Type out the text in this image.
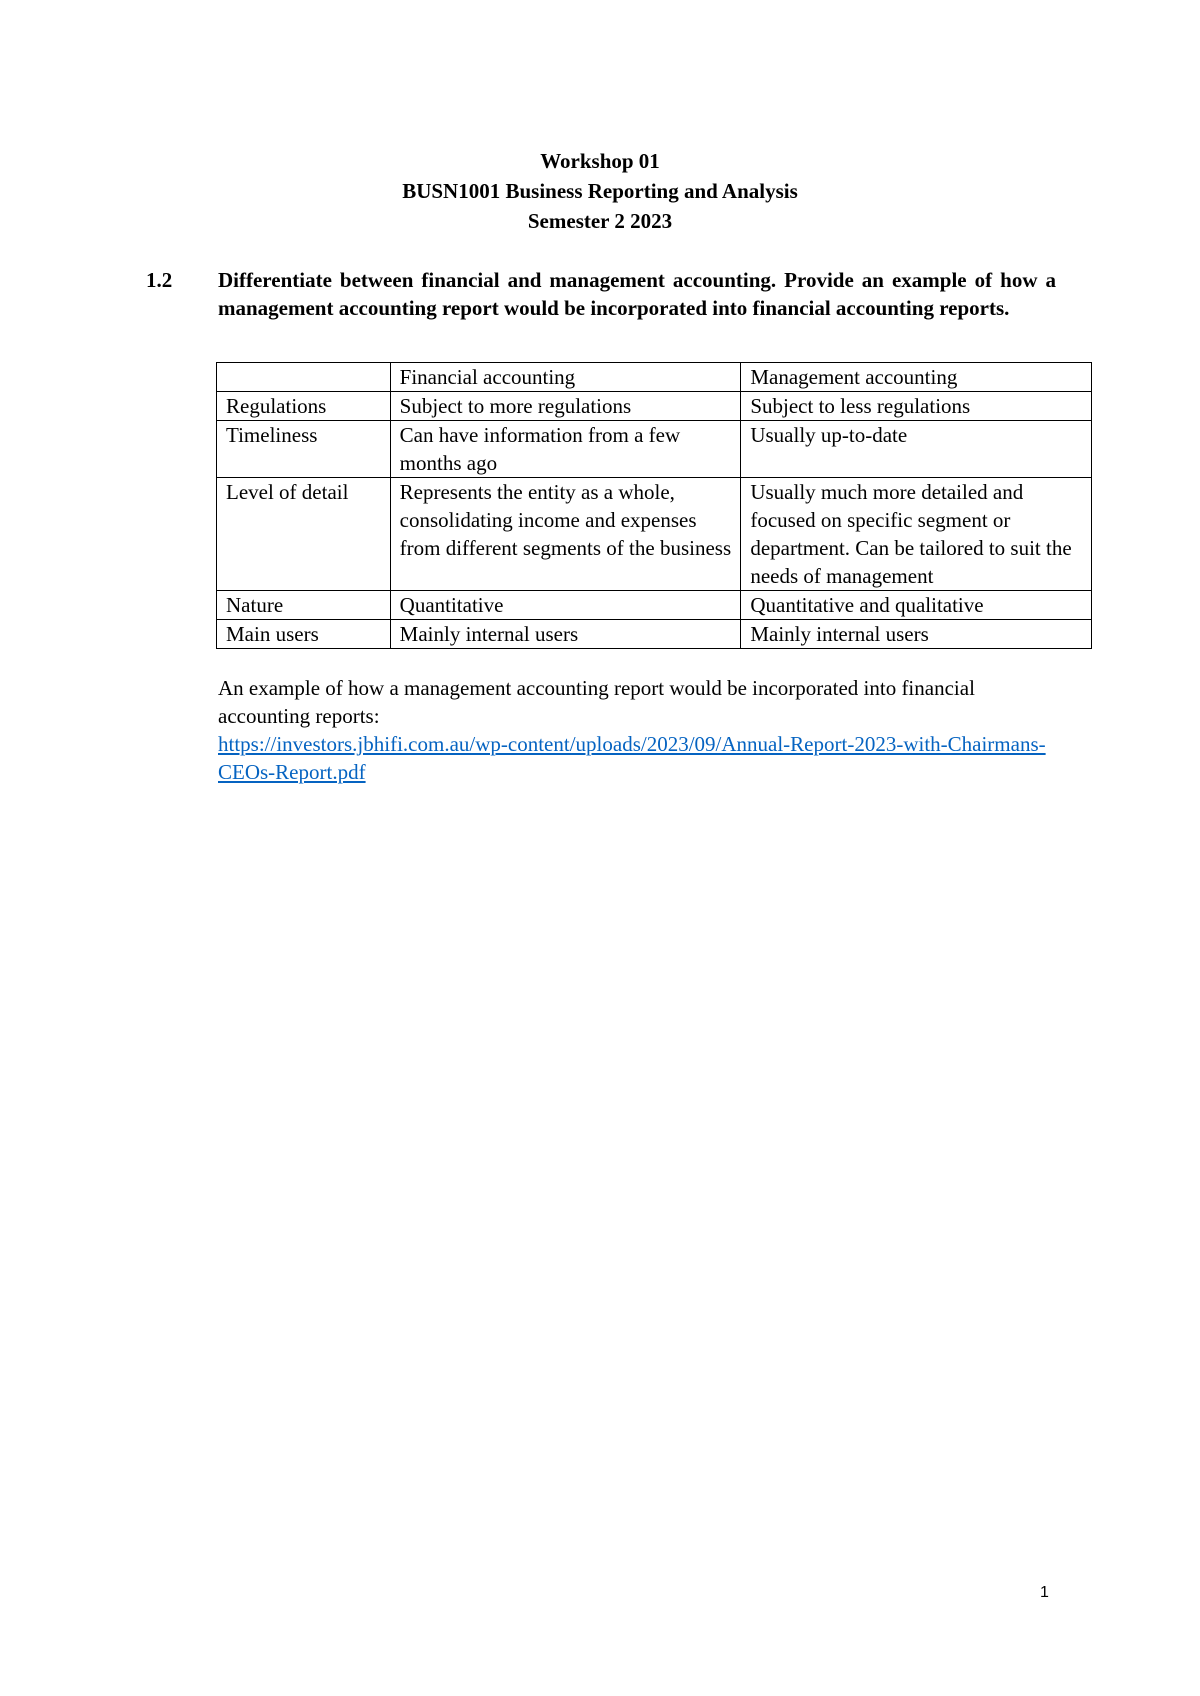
Workshop 01
BUSN1001 Business Reporting and Analysis
Semester 2 2023
1.2 Differentiate between financial and management accounting. Provide an example of how a management accounting report would be incorporated into financial accounting reports.
	Financial accounting	Management accounting
Regulations	Subject to more regulations	Subject to less regulations
Timeliness	Can have information from a few months ago	Usually up-to-date
Level of detail	Represents the entity as a whole, consolidating income and expenses from different segments of the business	Usually much more detailed and focused on specific segment or department. Can be tailored to suit the needs of management
Nature	Quantitative	Quantitative and qualitative
Main users	Mainly internal users	Mainly internal users
An example of how a management accounting report would be incorporated into financial accounting reports:
https://investors.jbhifi.com.au/wp-content/uploads/2023/09/Annual-Report-2023-with-Chairmans-CEOs-Report.pdf
1
